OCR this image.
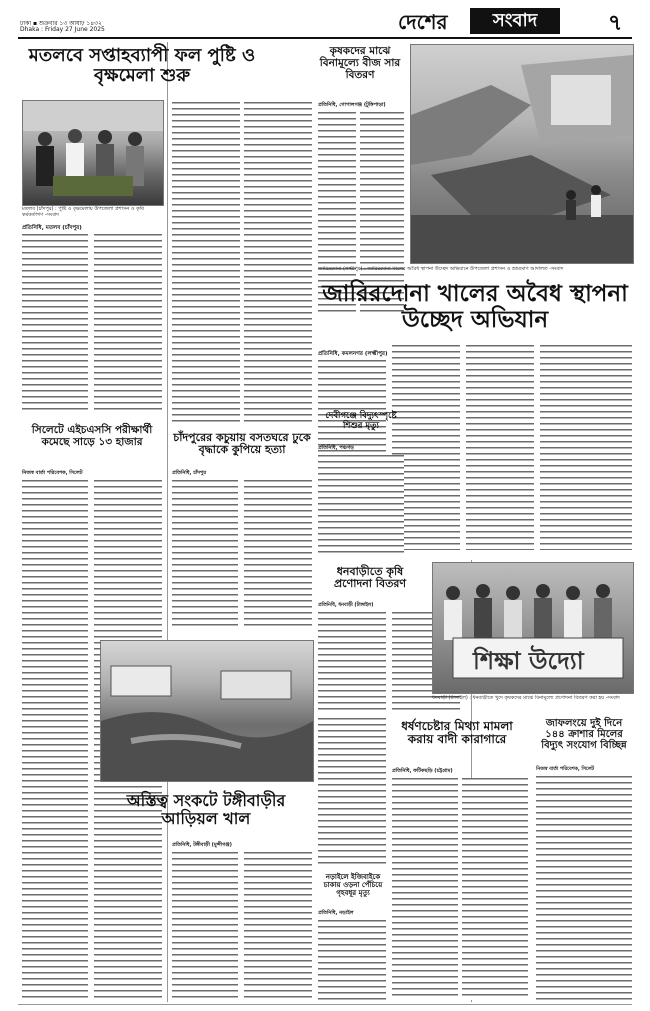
ঢাকা ▪ শুক্রবার ১৩ আষাঢ় ১৪৩২
Dhaka : Friday 27 June 2025	দেশের	সংবাদ	৭
মতলবে সপ্তাহব্যাপী ফল পুষ্টি ও বৃক্ষমেলা শুরু
মতলব (চাঁদপুর) : পুষ্টি ও বৃক্ষমেলায় উপজেলা প্রশাসন ও কৃষি কর্মকর্তাগণ -সংবাদ
প্রতিনিধি, মতলব (চাঁদপুর)
কৃষকদের মাঝে বিনামূল্যে বীজ সার বিতরণ
প্রতিনিধি, গোপালগঞ্জ (টুঙ্গিপাড়া)
জারিরদোনা (লক্ষ্মীপুর) : জারিরদোনা খালের অবৈধ স্থাপনা উচ্ছেদ অভিযানে উপজেলা প্রশাসন ও ভ্রাম্যমাণ আদালত -সংবাদ
জারিরদোনা খালের অবৈধ স্থাপনা উচ্ছেদ অভিযান
প্রতিনিধি, কমলনগর (লক্ষ্মীপুর)
সিলেটে এইচএসসি পরীক্ষার্থী কমেছে সাড়ে ১৩ হাজার
নিজস্ব বার্তা পরিবেশক, সিলেট
চাঁদপুরের কচুয়ায় বসতঘরে ঢুকে বৃদ্ধাকে কুপিয়ে হত্যা
প্রতিনিধি, চাঁদপুর
দেবীগঞ্জে বিদ্যুৎস্পৃষ্টে শিশুর মৃত্যু
প্রতিনিধি, পঞ্চগড়
ধনবাড়ীতে কৃষি প্রণোদনা বিতরণ
প্রতিনিধি, ধনবাড়ী (টাঙ্গাইল)
শিক্ষা উদ্যো
ধনবাড়ী (টাঙ্গাইল) : ধনবাড়ীতে খুদে কৃষকদের মাঝে বিনামূল্যে প্রণোদনা বিতরণ করা হয় -সংবাদ
ধর্ষণচেষ্টার মিথ্যা মামলা করায় বাদী কারাগারে
প্রতিনিধি, ফটিকছড়ি (চট্টগ্রাম)
জাফলংয়ে দুই দিনে ১৪৪ ক্রাশার মিলের বিদ্যুৎ সংযোগ বিচ্ছিন্ন
নিজস্ব বার্তা পরিবেশক, সিলেট
অস্তিত্ব সংকটে টঙ্গীবাড়ীর আড়িয়ল খাল
প্রতিনিধি, টঙ্গীবাড়ী (মুন্সীগঞ্জ)
নড়াইলে ইজিবাইকে চাকায় ওড়না পেঁচিয়ে গৃহবধূর মৃত্যু
প্রতিনিধি, নড়াইল
